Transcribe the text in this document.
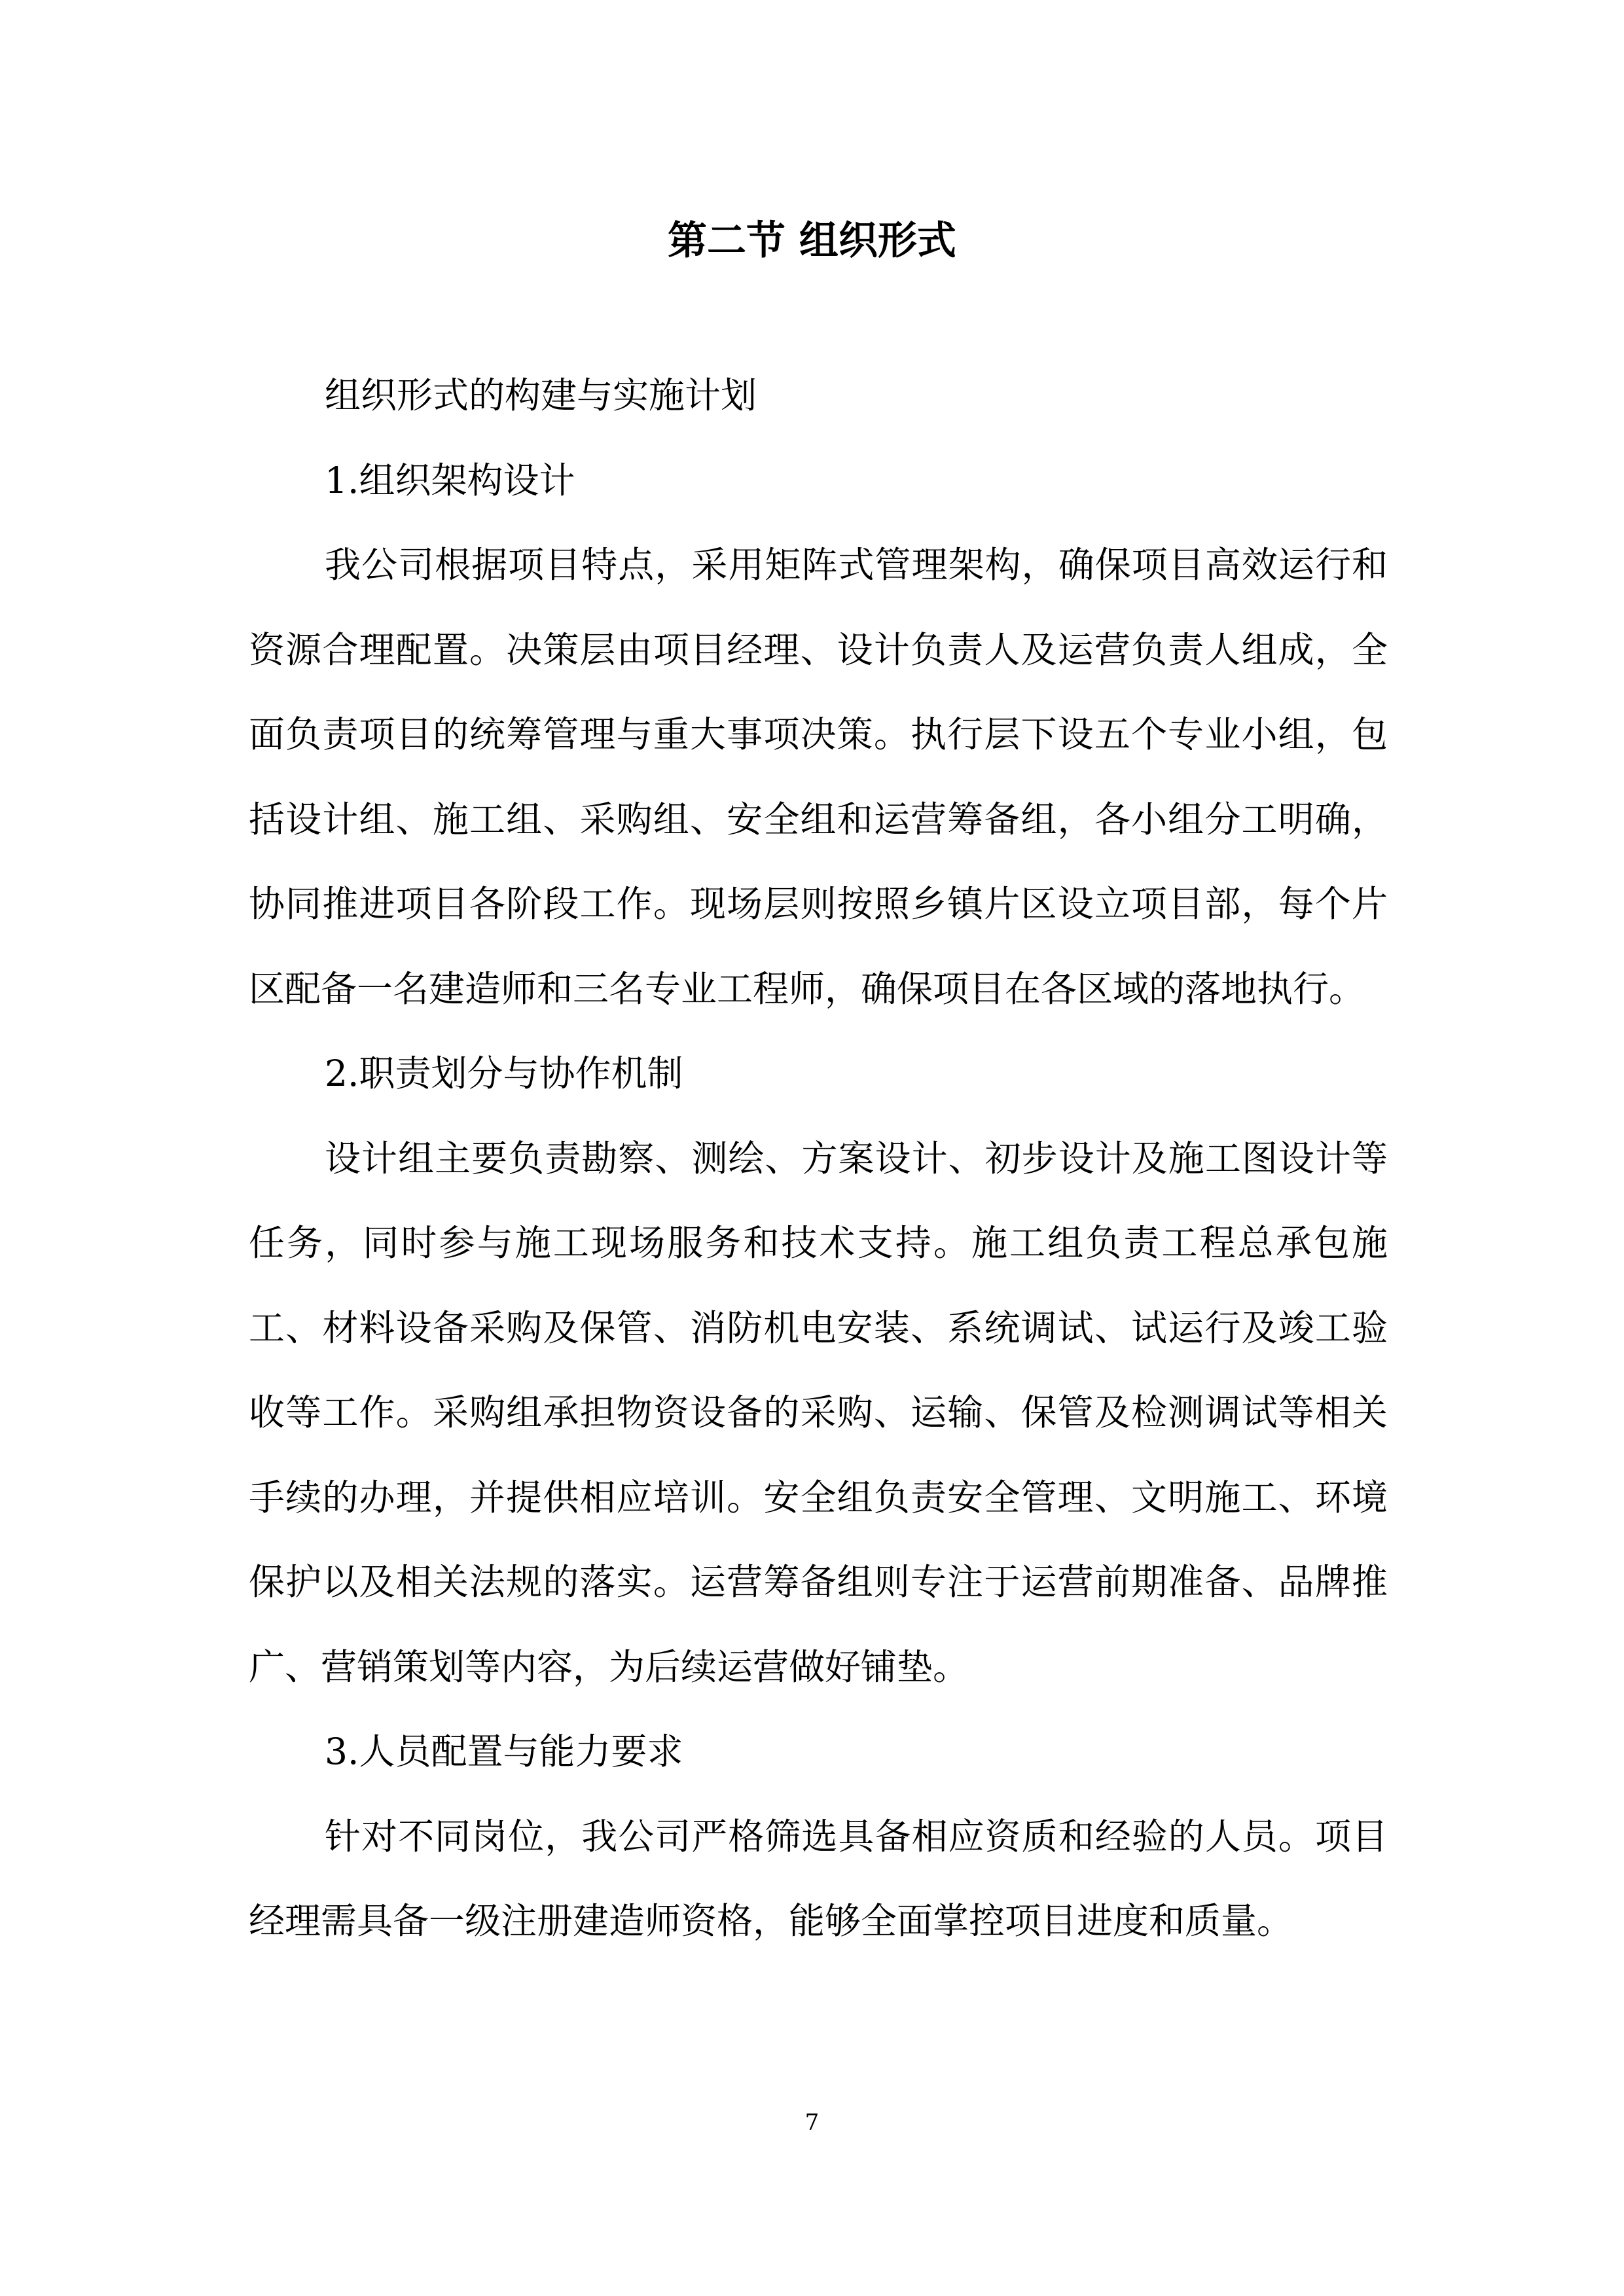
第二节 组织形式

组织形式的构建与实施计划

1.组织架构设计

我公司根据项目特点，采用矩阵式管理架构，确保项目高效运行和资源合理配置。决策层由项目经理、设计负责人及运营负责人组成，全面负责项目的统筹管理与重大事项决策。执行层下设五个专业小组，包括设计组、施工组、采购组、安全组和运营筹备组，各小组分工明确，协同推进项目各阶段工作。现场层则按照乡镇片区设立项目部，每个片区配备一名建造师和三名专业工程师，确保项目在各区域的落地执行。

2.职责划分与协作机制

设计组主要负责勘察、测绘、方案设计、初步设计及施工图设计等任务，同时参与施工现场服务和技术支持。施工组负责工程总承包施工、材料设备采购及保管、消防机电安装、系统调试、试运行及竣工验收等工作。采购组承担物资设备的采购、运输、保管及检测调试等相关手续的办理，并提供相应培训。安全组负责安全管理、文明施工、环境保护以及相关法规的落实。运营筹备组则专注于运营前期准备、品牌推广、营销策划等内容，为后续运营做好铺垫。

3.人员配置与能力要求

针对不同岗位，我公司严格筛选具备相应资质和经验的人员。项目经理需具备一级注册建造师资格，能够全面掌控项目进度和质量。

7
